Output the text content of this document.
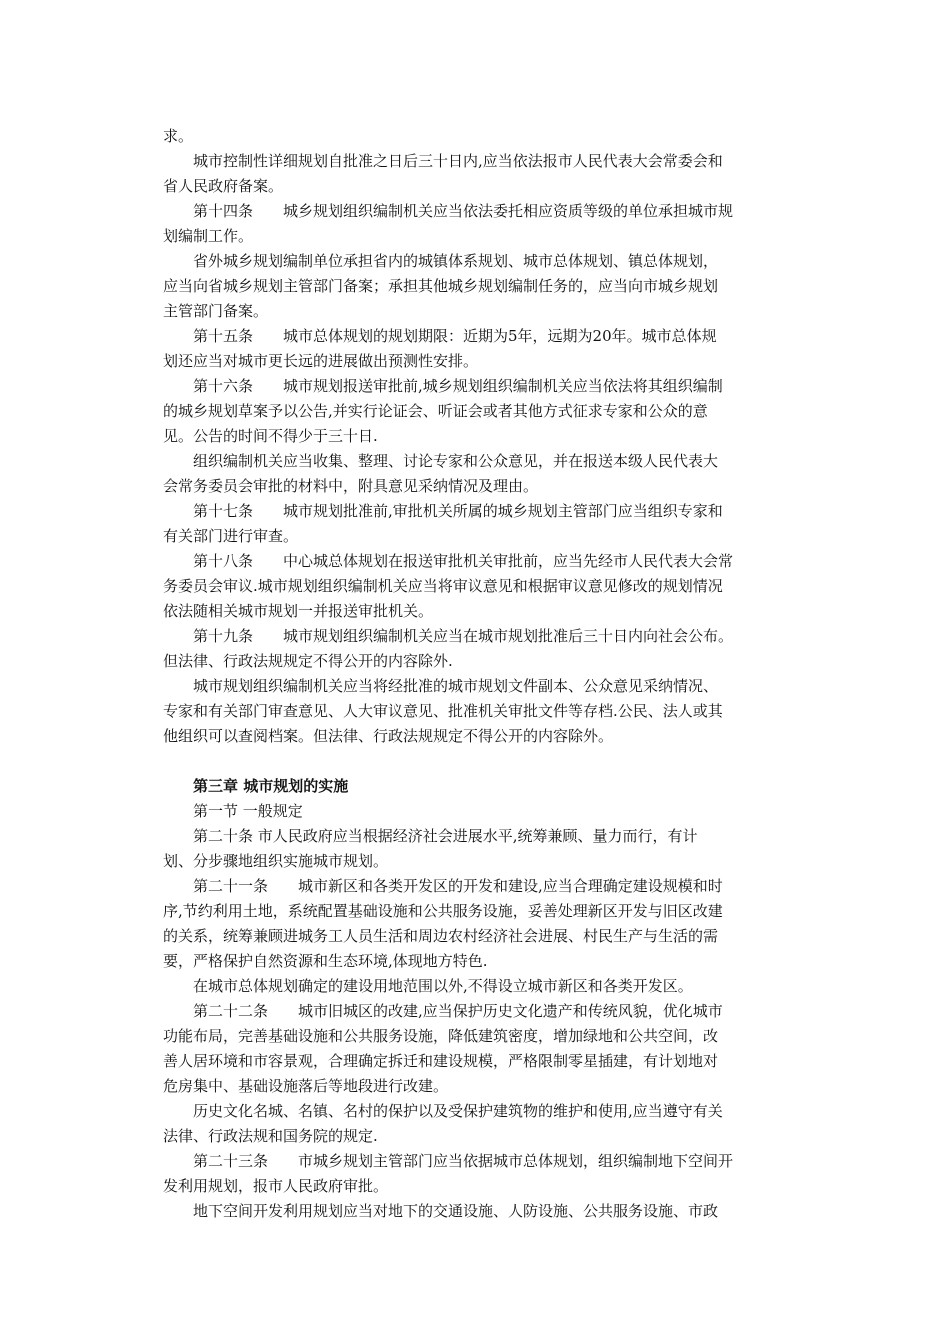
求。
城市控制性详细规划自批准之日后三十日内,应当依法报市人民代表大会常委会和
省人民政府备案。
第十四条　　城乡规划组织编制机关应当依法委托相应资质等级的单位承担城市规
划编制工作。
省外城乡规划编制单位承担省内的城镇体系规划、城市总体规划、镇总体规划，
应当向省城乡规划主管部门备案；承担其他城乡规划编制任务的，应当向市城乡规划
主管部门备案。
第十五条　　城市总体规划的规划期限：近期为5年，远期为20年。城市总体规
划还应当对城市更长远的进展做出预测性安排。
第十六条　　城市规划报送审批前,城乡规划组织编制机关应当依法将其组织编制
的城乡规划草案予以公告,并实行论证会、听证会或者其他方式征求专家和公众的意
见。公告的时间不得少于三十日.
组织编制机关应当收集、整理、讨论专家和公众意见，并在报送本级人民代表大
会常务委员会审批的材料中，附具意见采纳情况及理由。
第十七条　　城市规划批准前,审批机关所属的城乡规划主管部门应当组织专家和
有关部门进行审查。
第十八条　　中心城总体规划在报送审批机关审批前，应当先经市人民代表大会常
务委员会审议.城市规划组织编制机关应当将审议意见和根据审议意见修改的规划情况
依法随相关城市规划一并报送审批机关。
第十九条　　城市规划组织编制机关应当在城市规划批准后三十日内向社会公布。
但法律、行政法规规定不得公开的内容除外.
城市规划组织编制机关应当将经批准的城市规划文件副本、公众意见采纳情况、
专家和有关部门审查意见、人大审议意见、批准机关审批文件等存档.公民、法人或其
他组织可以查阅档案。但法律、行政法规规定不得公开的内容除外。
第三章 城市规划的实施
第一节 一般规定
第二十条 市人民政府应当根据经济社会进展水平,统筹兼顾、量力而行，有计
划、分步骤地组织实施城市规划。
第二十一条　　城市新区和各类开发区的开发和建设,应当合理确定建设规模和时
序,节约利用土地，系统配置基础设施和公共服务设施，妥善处理新区开发与旧区改建
的关系，统筹兼顾进城务工人员生活和周边农村经济社会进展、村民生产与生活的需
要，严格保护自然资源和生态环境,体现地方特色.
在城市总体规划确定的建设用地范围以外,不得设立城市新区和各类开发区。
第二十二条　　城市旧城区的改建,应当保护历史文化遗产和传统风貌，优化城市
功能布局，完善基础设施和公共服务设施，降低建筑密度，增加绿地和公共空间，改
善人居环境和市容景观，合理确定拆迁和建设规模，严格限制零星插建，有计划地对
危房集中、基础设施落后等地段进行改建。
历史文化名城、名镇、名村的保护以及受保护建筑物的维护和使用,应当遵守有关
法律、行政法规和国务院的规定.
第二十三条　　市城乡规划主管部门应当依据城市总体规划，组织编制地下空间开
发利用规划，报市人民政府审批。
地下空间开发利用规划应当对地下的交通设施、人防设施、公共服务设施、市政
